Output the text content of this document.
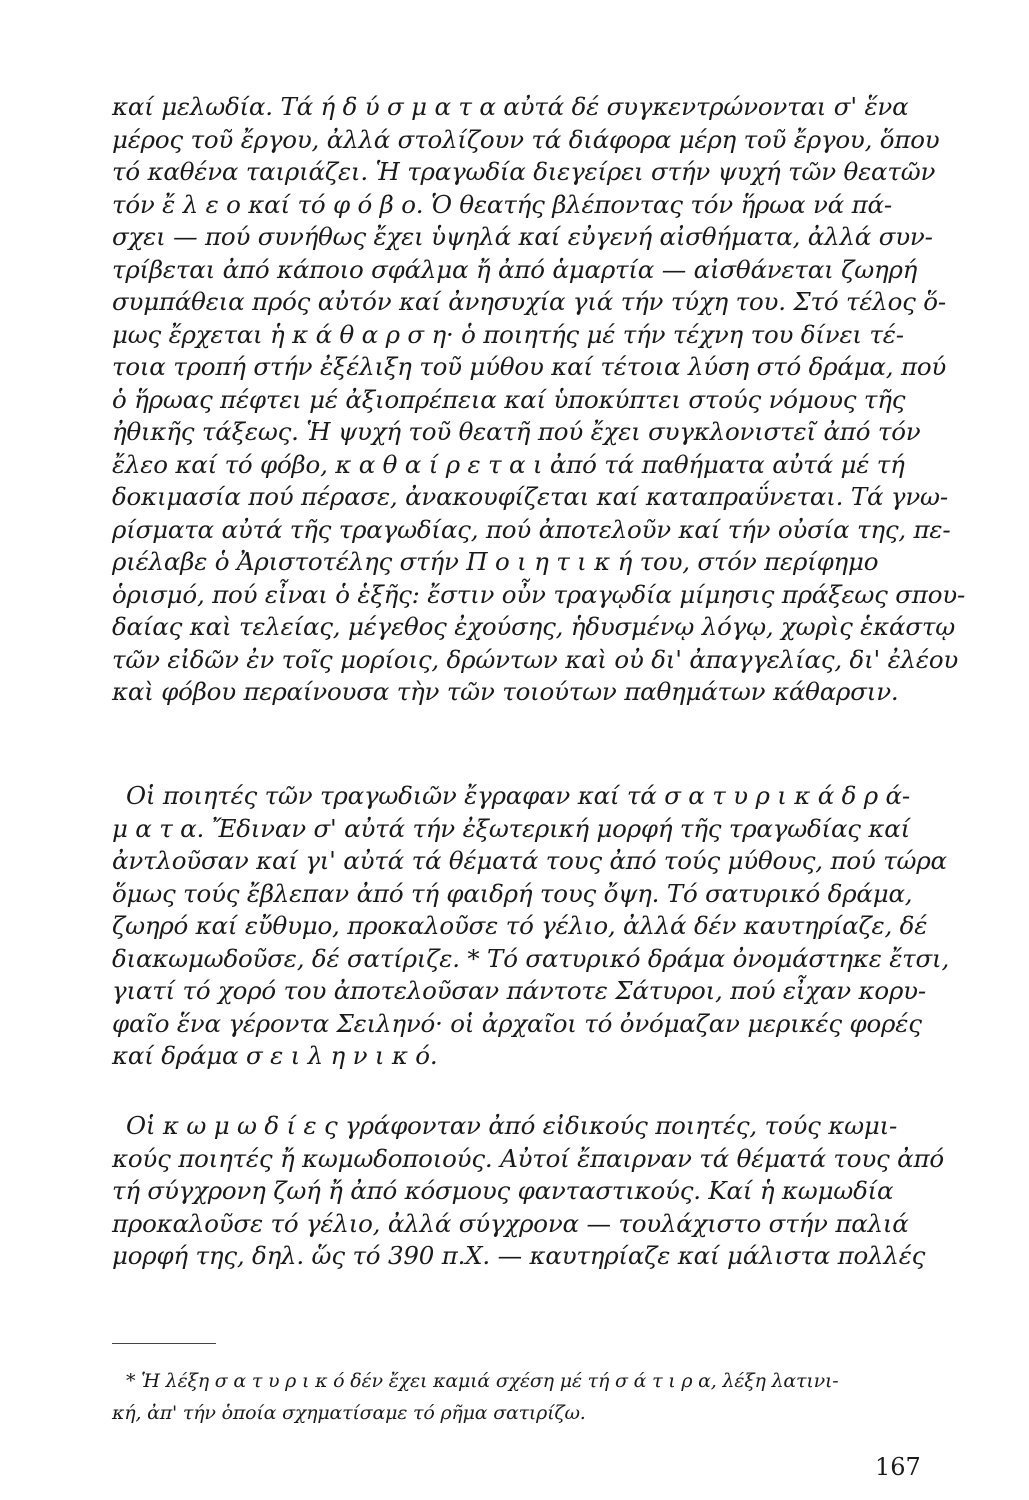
καί μελωδία. Τά ή δ ύ σ μ α τ α αὐτά δέ συγκεντρώνονται σ' ἕνα
μέρος τοῦ ἔργου, ἀλλά στολίζουν τά διάφορα μέρη τοῦ ἔργου, ὅπου
τό καθένα ταιριάζει. Ἡ τραγωδία διεγείρει στήν ψυχή τῶν θεατῶν
τόν ἔ λ ε ο καί τό φ ό β ο. Ὁ θεατής βλέποντας τόν ἥρωα νά πά-
σχει — πού συνήθως ἔχει ὑψηλά καί εὐγενή αἰσθήματα, ἀλλά συν-
τρίβεται ἀπό κάποιο σφάλμα ἤ ἀπό ἁμαρτία — αἰσθάνεται ζωηρή
συμπάθεια πρός αὐτόν καί ἀνησυχία γιά τήν τύχη του. Στό τέλος ὅ-
μως ἔρχεται ἡ κ ά θ α ρ σ η· ὁ ποιητής μέ τήν τέχνη του δίνει τέ-
τοια τροπή στήν ἐξέλιξη τοῦ μύθου καί τέτοια λύση στό δράμα, πού
ὁ ἥρωας πέφτει μέ ἀξιοπρέπεια καί ὑποκύπτει στούς νόμους τῆς
ἠθικῆς τάξεως. Ἡ ψυχή τοῦ θεατῆ πού ἔχει συγκλονιστεῖ ἀπό τόν
ἔλεο καί τό φόβο, κ α θ α ί ρ ε τ α ι ἀπό τά παθήματα αὐτά μέ τή
δοκιμασία πού πέρασε, ἀνακουφίζεται καί καταπραΰνεται. Τά γνω-
ρίσματα αὐτά τῆς τραγωδίας, πού ἀποτελοῦν καί τήν οὐσία της, πε-
ριέλαβε ὁ Ἀριστοτέλης στήν Π ο ι η τ ι κ ή του, στόν περίφημο
ὁρισμό, πού εἶναι ὁ ἑξῆς: ἔστιν οὖν τραγῳδία μίμησις πράξεως σπου-
δαίας καὶ τελείας, μέγεθος ἐχούσης, ἡδυσμένῳ λόγῳ, χωρὶς ἑκάστῳ
τῶν εἰδῶν ἐν τοῖς μορίοις, δρώντων καὶ οὐ δι' ἀπαγγελίας, δι' ἐλέου
καὶ φόβου περαίνουσα τὴν τῶν τοιούτων παθημάτων κάθαρσιν.
Οἱ ποιητές τῶν τραγωδιῶν ἔγραφαν καί τά σ α τ υ ρ ι κ ά δ ρ ά-
μ α τ α. Ἔδιναν σ' αὐτά τήν ἐξωτερική μορφή τῆς τραγωδίας καί
ἀντλοῦσαν καί γι' αὐτά τά θέματά τους ἀπό τούς μύθους, πού τώρα
ὅμως τούς ἔβλεπαν ἀπό τή φαιδρή τους ὄψη. Τό σατυρικό δράμα,
ζωηρό καί εὔθυμο, προκαλοῦσε τό γέλιο, ἀλλά δέν καυτηρίαζε, δέ
διακωμωδοῦσε, δέ σατίριζε. * Τό σατυρικό δράμα ὀνομάστηκε ἔτσι,
γιατί τό χορό του ἀποτελοῦσαν πάντοτε Σάτυροι, πού εἶχαν κορυ-
φαῖο ἕνα γέροντα Σειληνό· οἱ ἀρχαῖοι τό ὀνόμαζαν μερικές φορές
καί δράμα σ ε ι λ η ν ι κ ό.
Οἱ κ ω μ ω δ ί ε ς γράφονταν ἀπό εἰδικούς ποιητές, τούς κωμι-
κούς ποιητές ἤ κωμωδοποιούς. Αὐτοί ἔπαιρναν τά θέματά τους ἀπό
τή σύγχρονη ζωή ἤ ἀπό κόσμους φανταστικούς. Καί ἡ κωμωδία
προκαλοῦσε τό γέλιο, ἀλλά σύγχρονα — τουλάχιστο στήν παλιά
μορφή της, δηλ. ὥς τό 390 π.Χ. — καυτηρίαζε καί μάλιστα πολλές
* Ἡ λέξη σ α τ υ ρ ι κ ό δέν ἔχει καμιά σχέση μέ τή σ ά τ ι ρ α, λέξη λατινι-
κή, ἀπ' τήν ὁποία σχηματίσαμε τό ρῆμα σατιρίζω.
167
